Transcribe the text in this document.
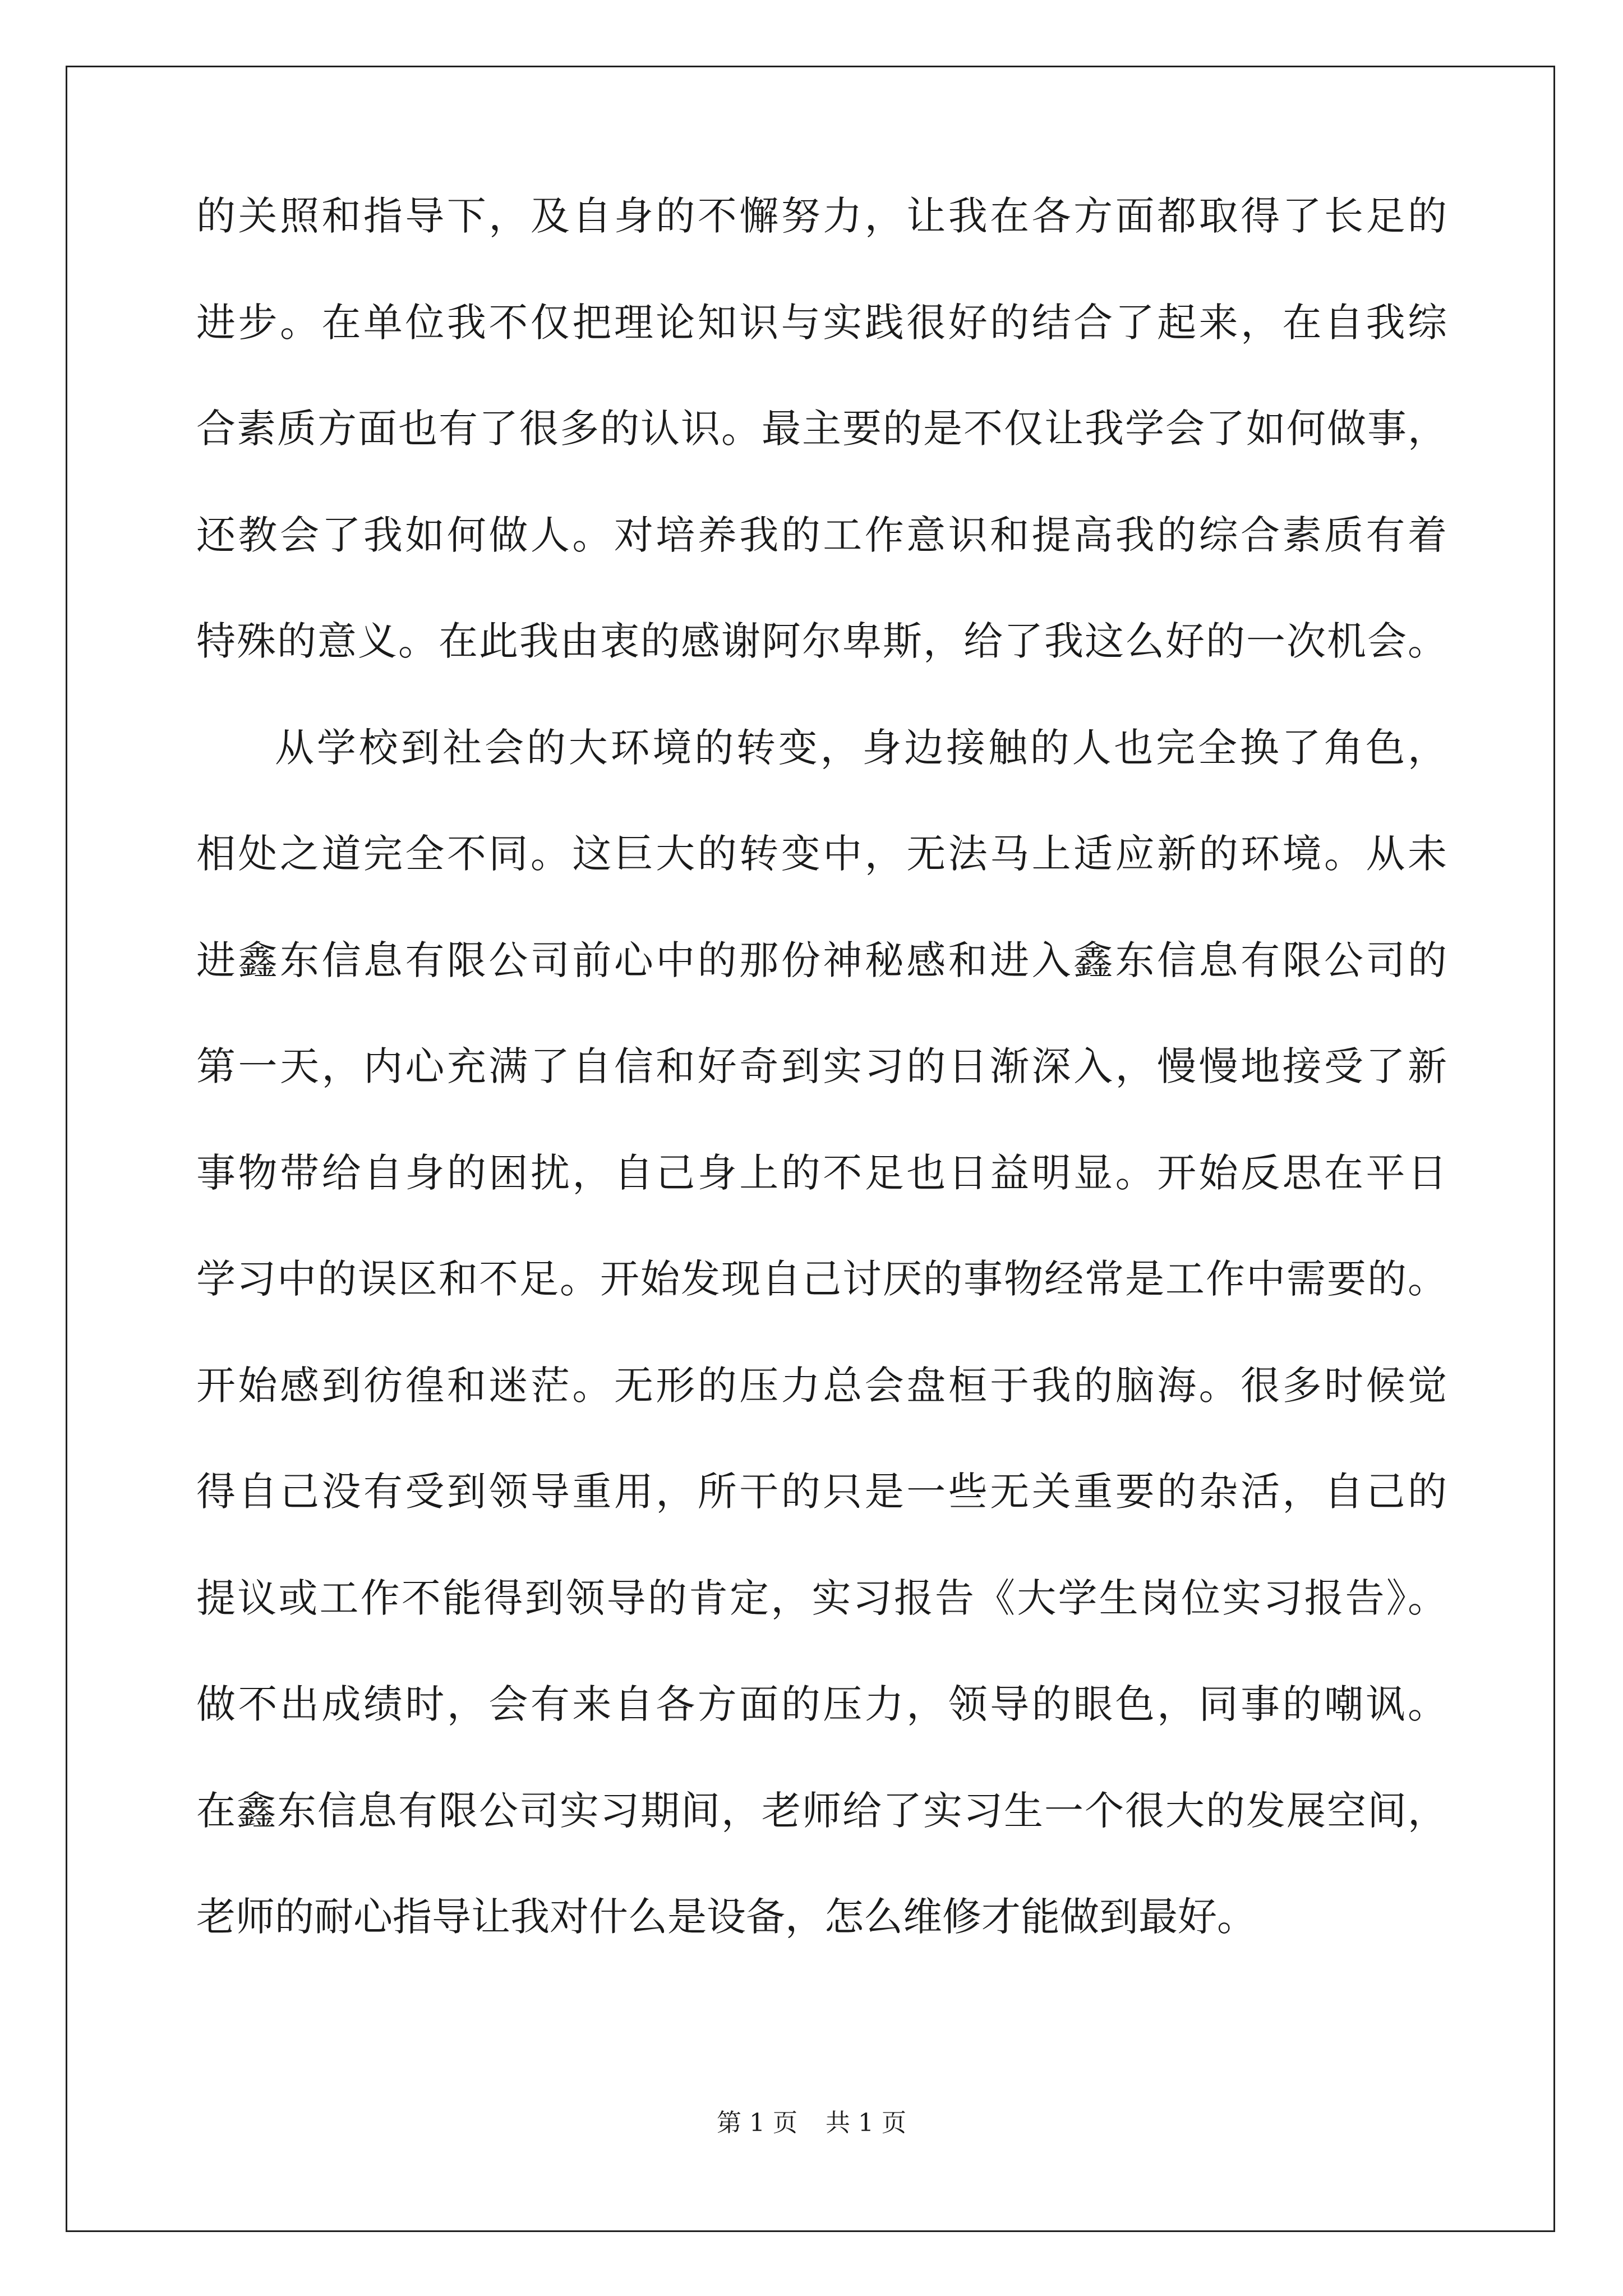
的关照和指导下，及自身的不懈努力，让我在各方面都取得了长足的
进步。在单位我不仅把理论知识与实践很好的结合了起来，在自我综
合素质方面也有了很多的认识。最主要的是不仅让我学会了如何做事，
还教会了我如何做人。对培养我的工作意识和提高我的综合素质有着
特殊的意义。在此我由衷的感谢阿尔卑斯，给了我这么好的一次机会。
从学校到社会的大环境的转变，身边接触的人也完全换了角色，
相处之道完全不同。这巨大的转变中，无法马上适应新的环境。从未
进鑫东信息有限公司前心中的那份神秘感和进入鑫东信息有限公司的
第一天，内心充满了自信和好奇到实习的日渐深入，慢慢地接受了新
事物带给自身的困扰，自己身上的不足也日益明显。开始反思在平日
学习中的误区和不足。开始发现自己讨厌的事物经常是工作中需要的。
开始感到彷徨和迷茫。无形的压力总会盘桓于我的脑海。很多时候觉
得自己没有受到领导重用，所干的只是一些无关重要的杂活，自己的
提议或工作不能得到领导的肯定，实习报告《大学生岗位实习报告》。
做不出成绩时，会有来自各方面的压力，领导的眼色，同事的嘲讽。
在鑫东信息有限公司实习期间，老师给了实习生一个很大的发展空间，
老师的耐心指导让我对什么是设备，怎么维修才能做到最好。
第 1 页 共 1 页
